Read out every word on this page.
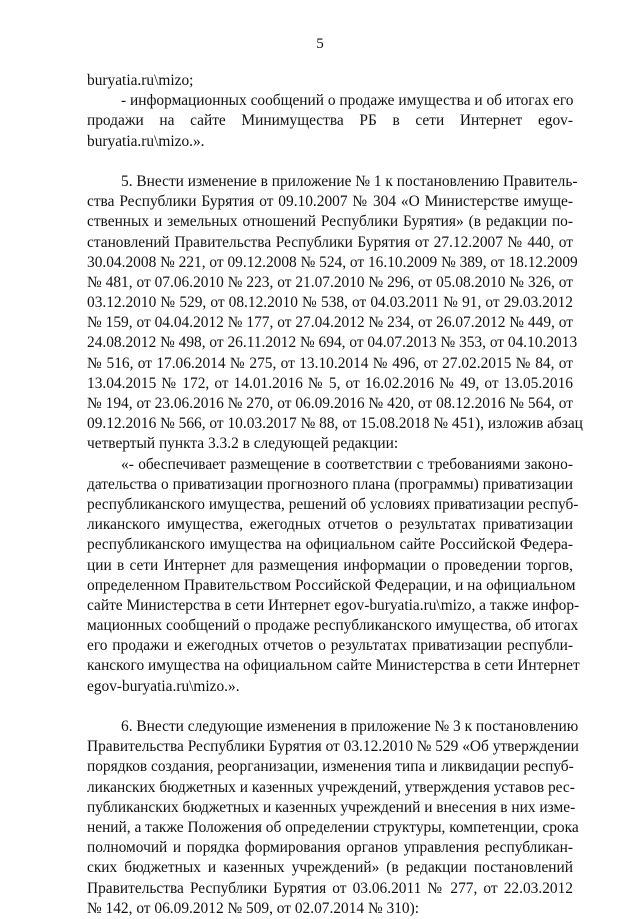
5
buryatia.ru\mizo;
- информационных сообщений о продаже имущества и об итогах его
продажи на сайте Минимущества РБ в сети Интернет egov-
buryatia.ru\mizo.».
5. Внести изменение в приложение № 1 к постановлению Правитель-
ства Республики Бурятия от 09.10.2007 № 304 «О Министерстве имуще-
ственных и земельных отношений Республики Бурятия» (в редакции по-
становлений Правительства Республики Бурятия от 27.12.2007 № 440, от
30.04.2008 № 221, от 09.12.2008 № 524, от 16.10.2009 № 389, от 18.12.2009
№ 481, от 07.06.2010 № 223, от 21.07.2010 № 296, от 05.08.2010 № 326, от
03.12.2010 № 529, от 08.12.2010 № 538, от 04.03.2011 № 91, от 29.03.2012
№ 159, от 04.04.2012 № 177, от 27.04.2012 № 234, от 26.07.2012 № 449, от
24.08.2012 № 498, от 26.11.2012 № 694, от 04.07.2013 № 353, от 04.10.2013
№ 516, от 17.06.2014 № 275, от 13.10.2014 № 496, от 27.02.2015 № 84, от
13.04.2015 № 172, от 14.01.2016 № 5, от 16.02.2016 № 49, от 13.05.2016
№ 194, от 23.06.2016 № 270, от 06.09.2016 № 420, от 08.12.2016 № 564, от
09.12.2016 № 566, от 10.03.2017 № 88, от 15.08.2018 № 451), изложив абзац
четвертый пункта 3.3.2 в следующей редакции:
«- обеспечивает размещение в соответствии с требованиями законо-
дательства о приватизации прогнозного плана (программы) приватизации
республиканского имущества, решений об условиях приватизации респуб-
ликанского имущества, ежегодных отчетов о результатах приватизации
республиканского имущества на официальном сайте Российской Федера-
ции в сети Интернет для размещения информации о проведении торгов,
определенном Правительством Российской Федерации, и на официальном
сайте Министерства в сети Интернет egov-buryatia.ru\mizo, а также инфор-
мационных сообщений о продаже республиканского имущества, об итогах
его продажи и ежегодных отчетов о результатах приватизации республи-
канского имущества на официальном сайте Министерства в сети Интернет
egov-buryatia.ru\mizo.».
6. Внести следующие изменения в приложение № 3 к постановлению
Правительства Республики Бурятия от 03.12.2010 № 529 «Об утверждении
порядков создания, реорганизации, изменения типа и ликвидации респуб-
ликанских бюджетных и казенных учреждений, утверждения уставов рес-
публиканских бюджетных и казенных учреждений и внесения в них изме-
нений, а также Положения об определении структуры, компетенции, срока
полномочий и порядка формирования органов управления республикан-
ских бюджетных и казенных учреждений» (в редакции постановлений
Правительства Республики Бурятия от 03.06.2011 № 277, от 22.03.2012
№ 142, от 06.09.2012 № 509, от 02.07.2014 № 310):
